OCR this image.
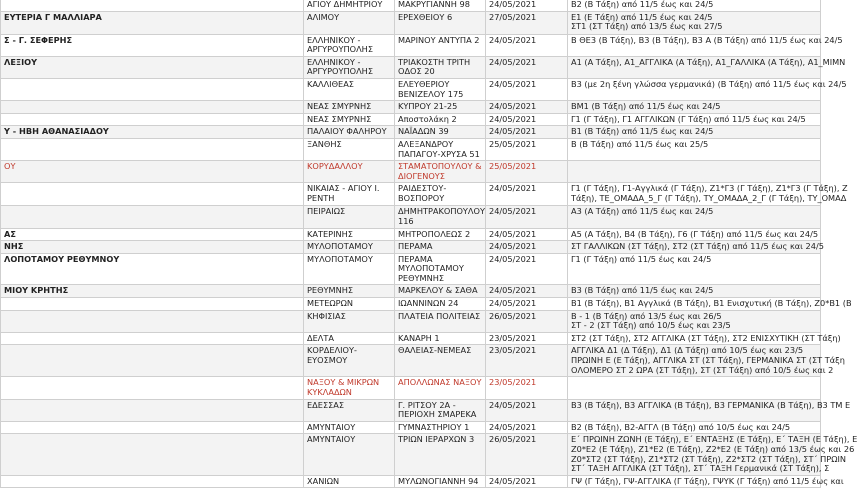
	ΑΓΙΟΥ ΔΗΜΗΤΡΙΟΥ	ΜΑΚΡΥΓΙΑΝΝΗ 98	24/05/2021	Β2 (Β Τάξη) από 11/5 έως και 24/5
ΕΥΤΕΡΙΑ Γ ΜΑΛΛΙΑΡΑ	ΑΛΙΜΟΥ	ΕΡΕΧΘΕΙΟΥ 6	27/05/2021	Ε1 (Ε Τάξη) από 11/5 έως και 24/5
ΣΤ1 (ΣΤ Τάξη) από 13/5 έως και 27/5
Σ - Γ. ΣΕΦΕΡΗΣ	ΕΛΛΗΝΙΚΟΥ - ΑΡΓΥΡΟΥΠΟΛΗΣ	ΜΑΡΙΝΟΥ ΑΝΤΥΠΑ 2	24/05/2021	Β ΘΕ3 (Β Τάξη), Β3 (Β Τάξη), Β3 Α (Β Τάξη) από 11/5 έως και 24/5
ΛΕΞΙΟΥ	ΕΛΛΗΝΙΚΟΥ - ΑΡΓΥΡΟΥΠΟΛΗΣ	ΤΡΙΑΚΟΣΤΗ ΤΡΙΤΗ ΟΔΟΣ 20	24/05/2021	Α1 (Α Τάξη), Α1_ΑΓΓΛΙΚΑ (Α Τάξη), Α1_ΓΑΛΛΙΚΑ (Α Τάξη), Α1_ΜΙΜΝ
	ΚΑΛΛΙΘΕΑΣ	ΕΛΕΥΘΕΡΙΟΥ ΒΕΝΙΖΕΛΟΥ 175	24/05/2021	Β3 (με 2η ξένη γλώσσα γερμανικά) (Β Τάξη) από 11/5 έως και 24/5
	ΝΕΑΣ ΣΜΥΡΝΗΣ	ΚΥΠΡΟΥ 21-25	24/05/2021	ΒΜ1 (Β Τάξη) από 11/5 έως και 24/5
	ΝΕΑΣ ΣΜΥΡΝΗΣ	Αποστολάκη 2	24/05/2021	Γ1 (Γ Τάξη), Γ1 ΑΓΓΛΙΚΩΝ (Γ Τάξη) από 11/5 έως και 24/5
Υ - ΗΒΗ ΑΘΑΝΑΣΙΑΔΟΥ	ΠΑΛΑΙΟΥ ΦΑΛΗΡΟΥ	ΝΑΪΑΔΩΝ 39	24/05/2021	Β1 (Β Τάξη) από 11/5 έως και 24/5
	ΞΑΝΘΗΣ	ΑΛΕΞΑΝΔΡΟΥ ΠΑΠΑΓΟΥ-ΧΡΥΣΑ 51	25/05/2021	Β (Β Τάξη) από 11/5 έως και 25/5
ΟΥ	ΚΟΡΥΔΑΛΛΟΥ	ΣΤΑΜΑΤΟΠΟΥΛΟΥ & ΔΙΟΓΕΝΟΥΣ	25/05/2021	
	ΝΙΚΑΙΑΣ - ΑΓΙΟΥ Ι. ΡΕΝΤΗ	ΡΑΙΔΕΣΤΟΥ-ΒΟΣΠΟΡΟΥ	24/05/2021	Γ1 (Γ Τάξη), Γ1-Αγγλικά (Γ Τάξη), Ζ1*Γ3 (Γ Τάξη), Ζ1*Γ3 (Γ Τάξη), Ζ
Τάξη), ΤΕ_ΟΜΑΔΑ_5_Γ (Γ Τάξη), ΤΥ_ΟΜΑΔΑ_2_Γ (Γ Τάξη), ΤΥ_ΟΜΑΔ
	ΠΕΙΡΑΙΩΣ	ΔΗΜΗΤΡΑΚΟΠΟΥΛΟΥ 116	24/05/2021	Α3 (Α Τάξη) από 11/5 έως και 24/5
ΑΣ	ΚΑΤΕΡΙΝΗΣ	ΜΗΤΡΟΠΟΛΕΩΣ 2	24/05/2021	Α5 (Α Τάξη), Β4 (Β Τάξη), Γ6 (Γ Τάξη) από 11/5 έως και 24/5
ΝΗΣ	ΜΥΛΟΠΟΤΑΜΟΥ	ΠΕΡΑΜΑ	24/05/2021	ΣΤ ΓΑΛΛΙΚΩΝ (ΣΤ Τάξη), ΣΤ2 (ΣΤ Τάξη) από 11/5 έως και 24/5
ΛΟΠΟΤΑΜΟΥ ΡΕΘΥΜΝΟΥ	ΜΥΛΟΠΟΤΑΜΟΥ	ΠΕΡΑΜΑ ΜΥΛΟΠΟΤΑΜΟΥ ΡΕΘΥΜΝΗΣ	24/05/2021	Γ1 (Γ Τάξη) από 11/5 έως και 24/5
ΜΙΟΥ ΚΡΗΤΗΣ	ΡΕΘΥΜΝΗΣ	ΜΑΡΚΕΛΟΥ & ΣΑΘΑ	24/05/2021	Β3 (Β Τάξη) από 11/5 έως και 24/5
	ΜΕΤΕΩΡΩΝ	ΙΩΑΝΝΙΝΩΝ 24	24/05/2021	Β1 (Β Τάξη), Β1 Αγγλικά (Β Τάξη), Β1 Ενισχυτική (Β Τάξη), Ζ0*Β1 (Β
	ΚΗΦΙΣΙΑΣ	ΠΛΑΤΕΙΑ ΠΟΛΙΤΕΙΑΣ	26/05/2021	Β - 1 (Β Τάξη) από 13/5 έως και 26/5
ΣΤ - 2 (ΣΤ Τάξη) από 10/5 έως και 23/5
	ΔΕΛΤΑ	ΚΑΝΑΡΗ 1	23/05/2021	ΣΤ2 (ΣΤ Τάξη), ΣΤ2 ΑΓΓΛΙΚΑ (ΣΤ Τάξη), ΣΤ2 ΕΝΙΣΧΥΤΙΚΗ (ΣΤ Τάξη)
	ΚΟΡΔΕΛΙΟΥ-ΕΥΟΣΜΟΥ	ΘΑΛΕΙΑΣ-ΝΕΜΕΑΣ	23/05/2021	ΑΓΓΛΙΚΑ Δ1 (Δ Τάξη), Δ1 (Δ Τάξη) από 10/5 έως και 23/5
ΠΡΩΙΝΗ Ε (Ε Τάξη), ΑΓΓΛΙΚΑ ΣΤ (ΣΤ Τάξη), ΓΕΡΜΑΝΙΚΑ ΣΤ (ΣΤ Τάξη
ΟΛΟΜΕΡΟ ΣΤ 2 ΩΡΑ (ΣΤ Τάξη), ΣΤ (ΣΤ Τάξη) από 10/5 έως και 2
	ΝΑΞΟΥ & ΜΙΚΡΩΝ ΚΥΚΛΑΔΩΝ	ΑΠΟΛΛΩΝΑΣ ΝΑΞΟΥ	23/05/2021	
	ΕΔΕΣΣΑΣ	Γ. ΡΙΤΣΟΥ 2Α - ΠΕΡΙΟΧΗ ΣΜΑΡΕΚΑ	24/05/2021	Β3 (Β Τάξη), Β3 ΑΓΓΛΙΚΑ (Β Τάξη), Β3 ΓΕΡΜΑΝΙΚΑ (Β Τάξη), Β3 ΤΜ Ε
	ΑΜΥΝΤΑΙΟΥ	ΓΥΜΝΑΣΤΗΡΙΟΥ 1	24/05/2021	Β2 (Β Τάξη), Β2-ΑΓΓΛ (Β Τάξη) από 10/5 έως και 24/5
	ΑΜΥΝΤΑΙΟΥ	ΤΡΙΩΝ ΙΕΡΑΡΧΩΝ 3	26/05/2021	Ε΄ ΠΡΩΙΝΗ ΖΩΝΗ (Ε Τάξη), Ε΄ ΕΝΤΑΞΗΣ (Ε Τάξη), Ε΄ ΤΑΞΗ (Ε Τάξη), Ε
Ζ0*Ε2 (Ε Τάξη), Ζ1*Ε2 (Ε Τάξη), Ζ2*Ε2 (Ε Τάξη) από 13/5 έως και 26
Ζ0*ΣΤ2 (ΣΤ Τάξη), Ζ1*ΣΤ2 (ΣΤ Τάξη), Ζ2*ΣΤ2 (ΣΤ Τάξη), ΣΤ΄ ΠΡΩΙΝ
ΣΤ΄ ΤΑΞΗ ΑΓΓΛΙΚΑ (ΣΤ Τάξη), ΣΤ΄ ΤΑΞΗ Γερμανικά (ΣΤ Τάξη), Σ
	ΧΑΝΙΩΝ	ΜΥΛΩΝΟΓΙΑΝΝΗ 94	24/05/2021	ΓΨ (Γ Τάξη), ΓΨ-ΑΓΓΛΙΚΑ (Γ Τάξη), ΓΨΥΚ (Γ Τάξη) από 11/5 έως και
